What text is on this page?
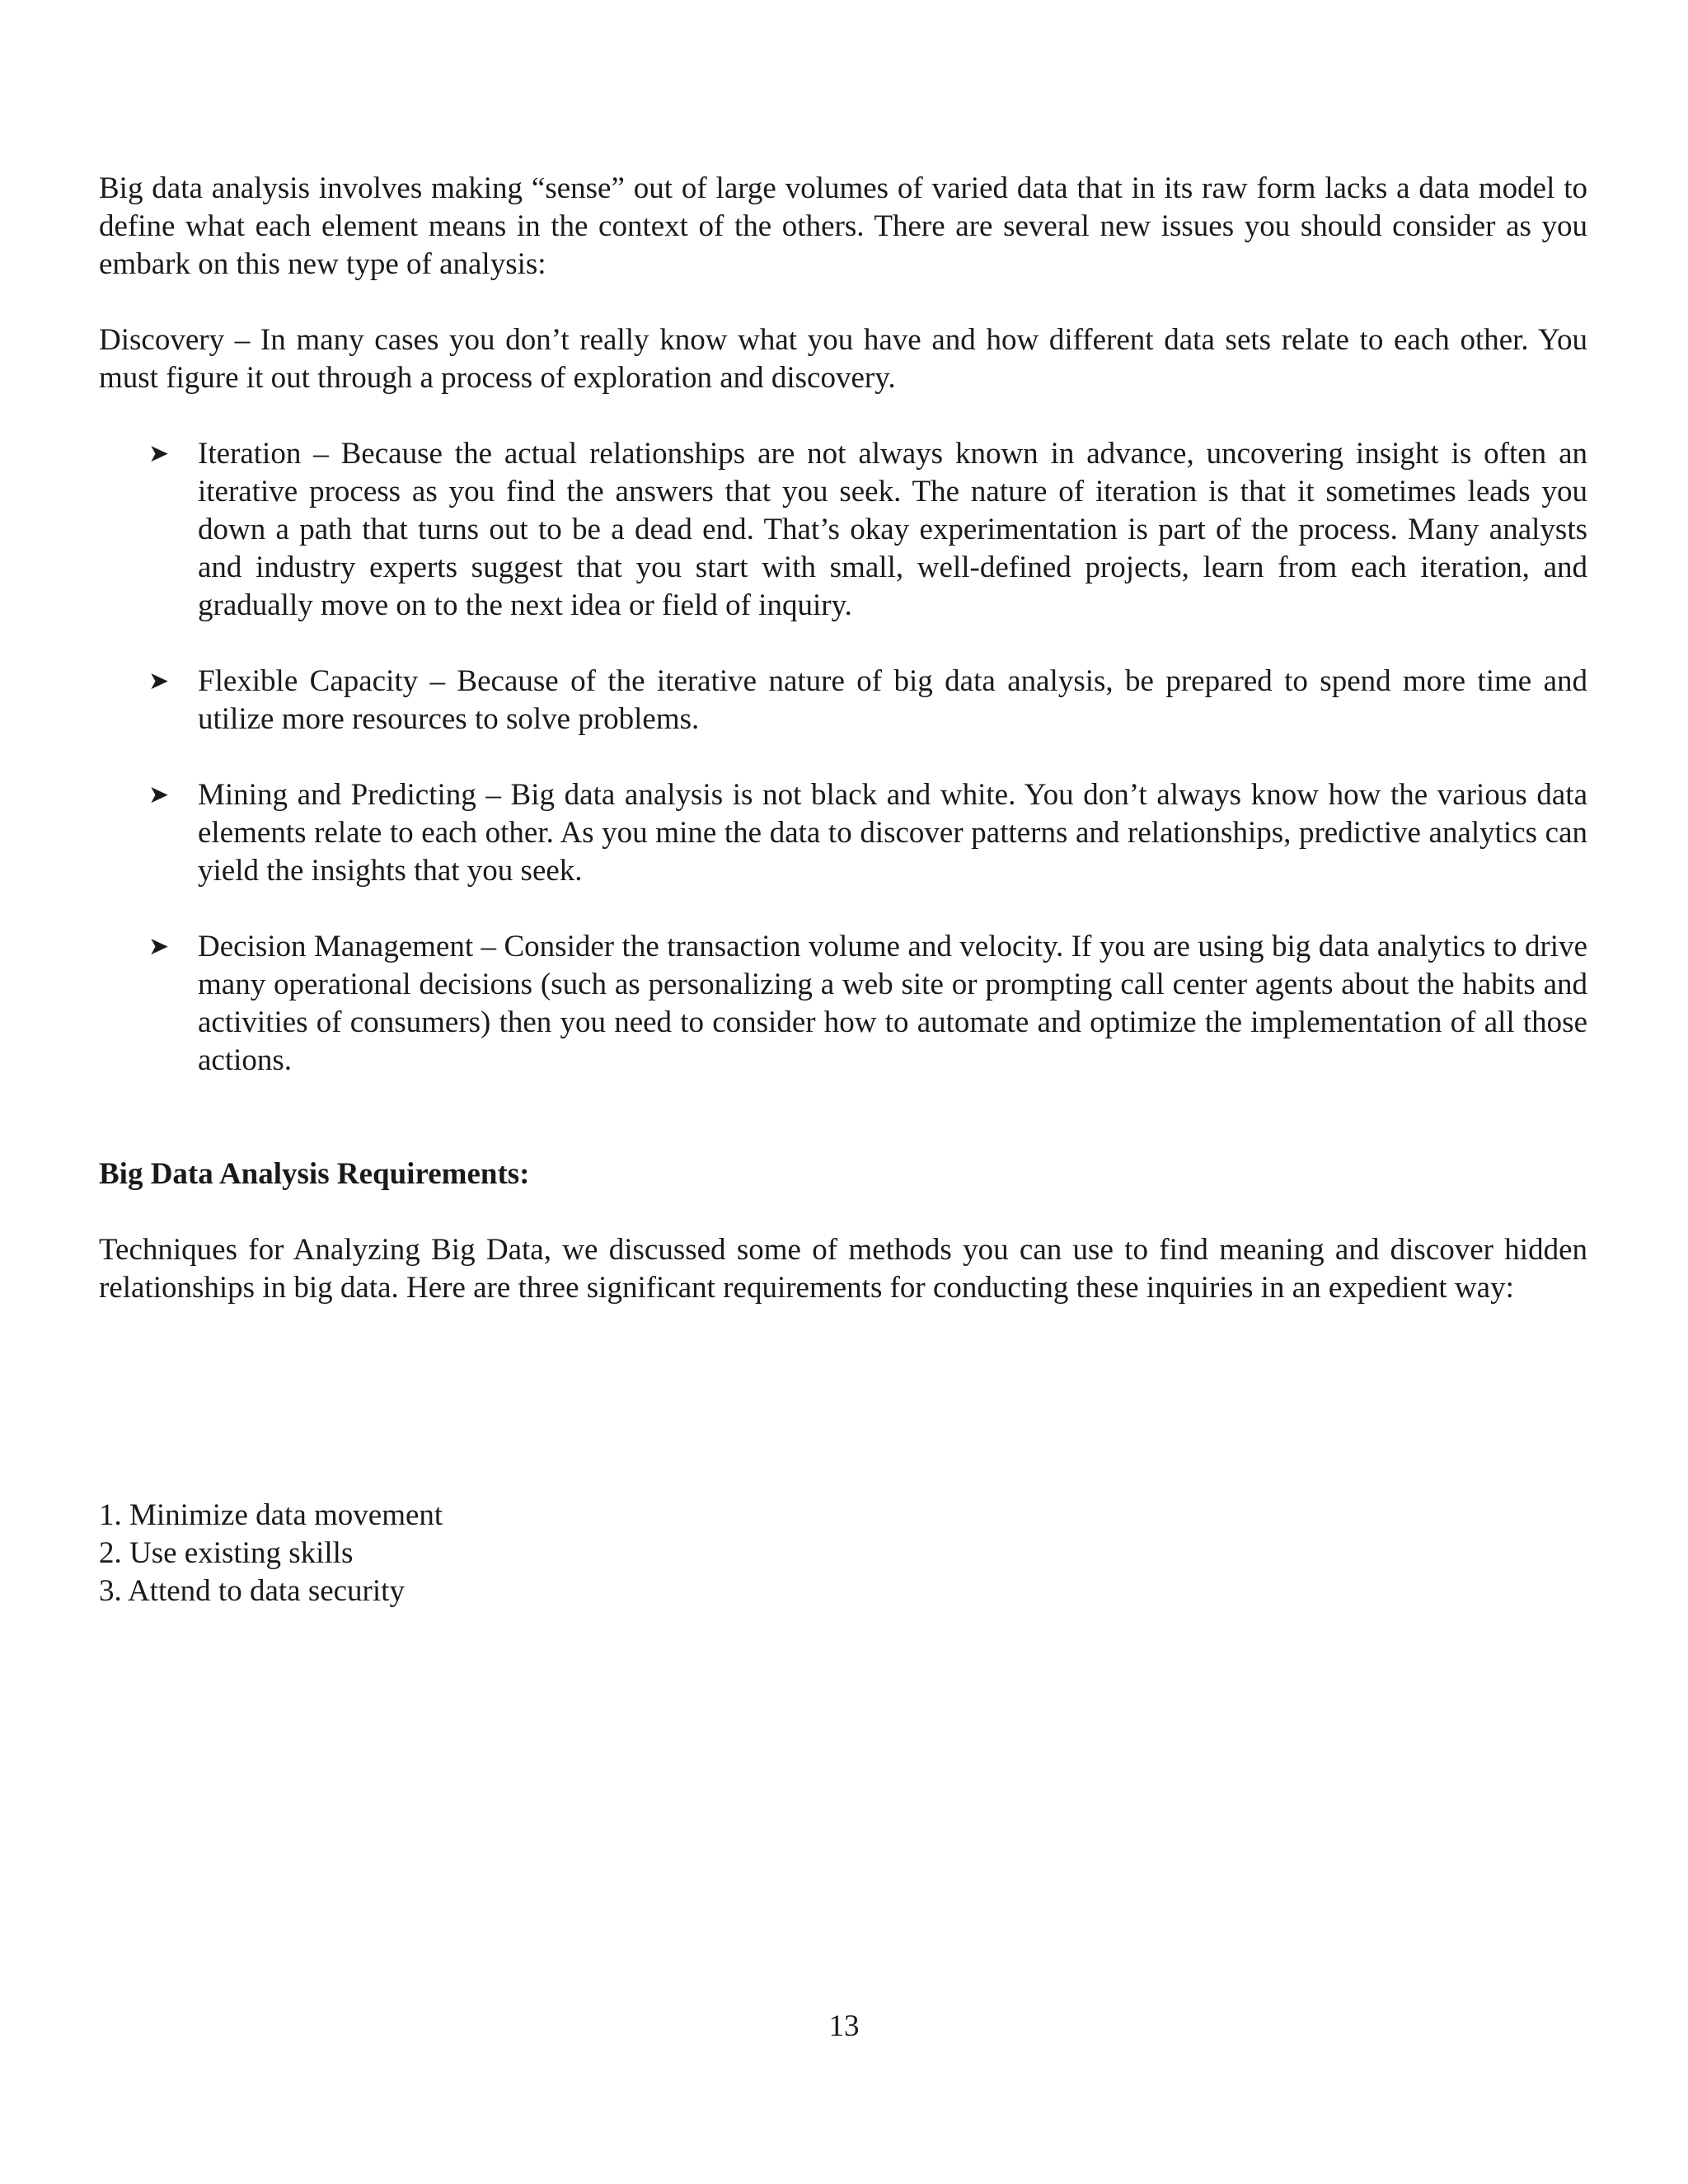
Big data analysis involves making “sense” out of large volumes of varied data that in its raw form lacks a data model to define what each element means in the context of the others. There are several new issues you should consider as you embark on this new type of analysis:

Discovery – In many cases you don’t really know what you have and how different data sets relate to each other. You must figure it out through a process of exploration and discovery.

➤ Iteration – Because the actual relationships are not always known in advance, uncovering insight is often an iterative process as you find the answers that you seek. The nature of iteration is that it sometimes leads you down a path that turns out to be a dead end. That’s okay experimentation is part of the process. Many analysts and industry experts suggest that you start with small, well-defined projects, learn from each iteration, and gradually move on to the next idea or field of inquiry.
➤ Flexible Capacity – Because of the iterative nature of big data analysis, be prepared to spend more time and utilize more resources to solve problems.
➤ Mining and Predicting – Big data analysis is not black and white. You don’t always know how the various data elements relate to each other. As you mine the data to discover patterns and relationships, predictive analytics can yield the insights that you seek.
➤ Decision Management – Consider the transaction volume and velocity. If you are using big data analytics to drive many operational decisions (such as personalizing a web site or prompting call center agents about the habits and activities of consumers) then you need to consider how to automate and optimize the implementation of all those actions.
Big Data Analysis Requirements:

Techniques for Analyzing Big Data, we discussed some of methods you can use to find meaning and discover hidden relationships in big data. Here are three significant requirements for conducting these inquiries in an expedient way:

1. Minimize data movement
2. Use existing skills
3. Attend to data security
13
